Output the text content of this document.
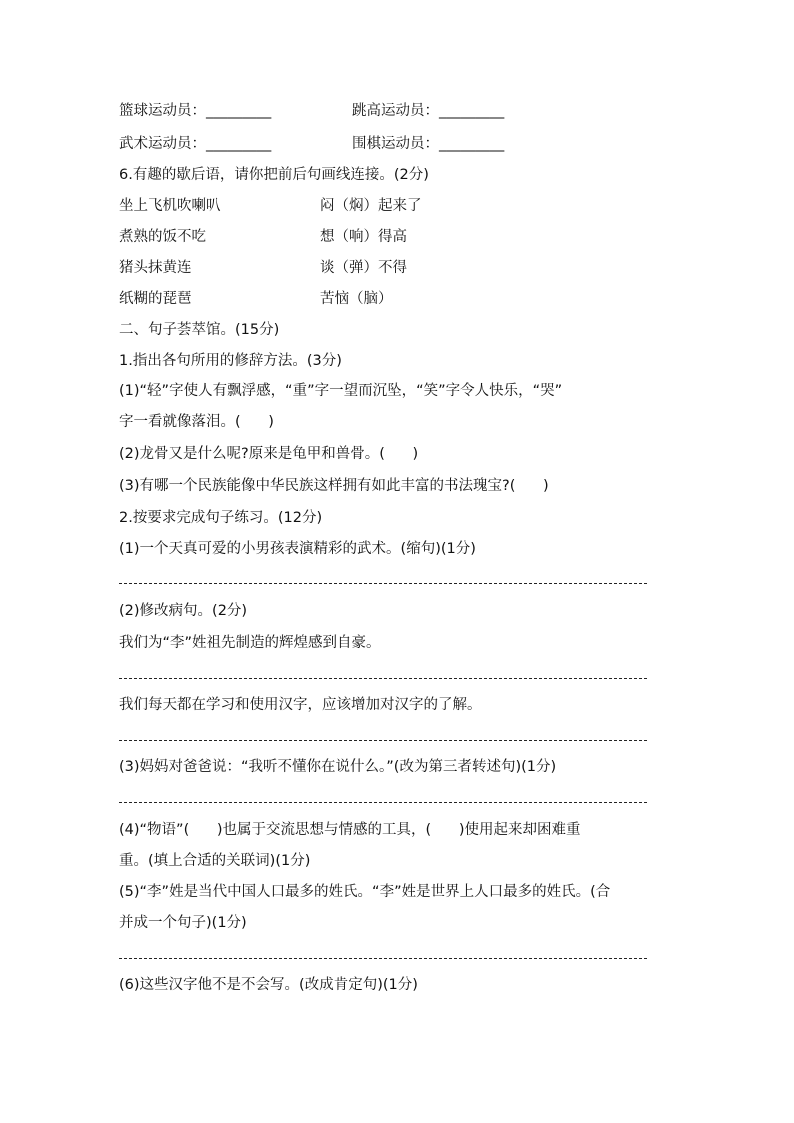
篮球运动员：_________	跳高运动员：_________
武术运动员：_________	围棋运动员：_________
6.有趣的歇后语，请你把前后句画线连接。(2分)
坐上飞机吹喇叭	闷（焖）起来了
煮熟的饭不吃	想（响）得高
猪头抹黄连	谈（弹）不得
纸糊的琵琶	苦恼（脑）
二、句子荟萃馆。(15分)
1.指出各句所用的修辞方法。(3分)
(1)“轻”字使人有飘浮感，“重”字一望而沉坠，“笑”字令人快乐，“哭”
字一看就像落泪。(      )
(2)龙骨又是什么呢?原来是龟甲和兽骨。(      )
(3)有哪一个民族能像中华民族这样拥有如此丰富的书法瑰宝?(      )
2.按要求完成句子练习。(12分)
(1)一个天真可爱的小男孩表演精彩的武术。(缩句)(1分)
(2)修改病句。(2分)
我们为“李”姓祖先制造的辉煌感到自豪。
我们每天都在学习和使用汉字，应该增加对汉字的了解。
(3)妈妈对爸爸说：“我听不懂你在说什么。”(改为第三者转述句)(1分)
(4)“物语”(      )也属于交流思想与情感的工具，(      )使用起来却困难重
重。(填上合适的关联词)(1分)
(5)“李”姓是当代中国人口最多的姓氏。“李”姓是世界上人口最多的姓氏。(合
并成一个句子)(1分)
(6)这些汉字他不是不会写。(改成肯定句)(1分)
